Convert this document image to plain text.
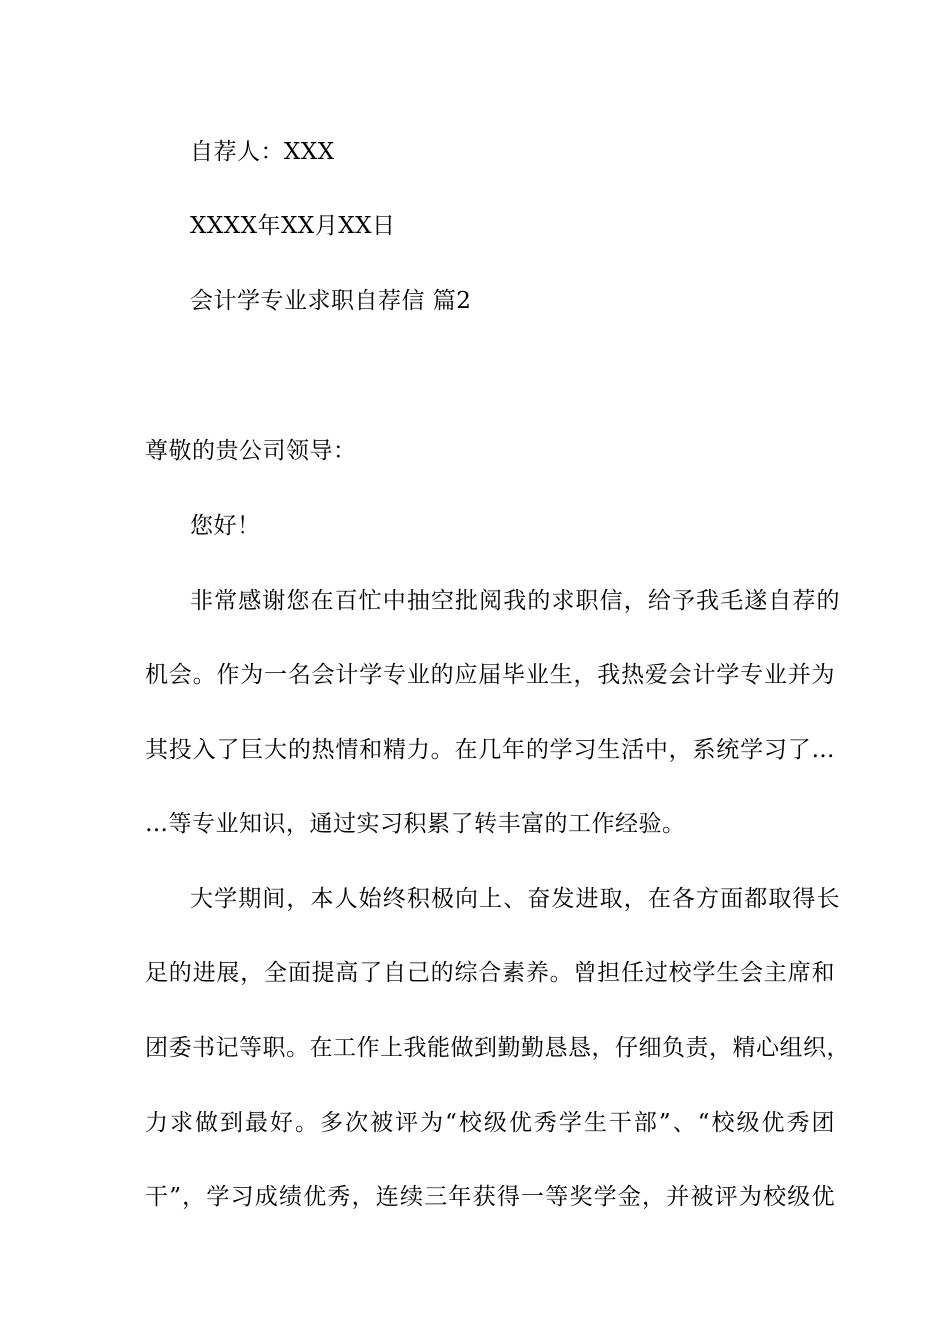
自荐人：XXX
XXXX年XX月XX日
会计学专业求职自荐信 篇2
尊敬的贵公司领导：
您好！
非常感谢您在百忙中抽空批阅我的求职信，给予我毛遂自荐的
机会。作为一名会计学专业的应届毕业生，我热爱会计学专业并为
其投入了巨大的热情和精力。在几年的学习生活中，系统学习了…
…等专业知识，通过实习积累了转丰富的工作经验。
大学期间，本人始终积极向上、奋发进取，在各方面都取得长
足的进展，全面提高了自己的综合素养。曾担任过校学生会主席和
团委书记等职。在工作上我能做到勤勤恳恳，仔细负责，精心组织，
力求做到最好。多次被评为“校级优秀学生干部”、“校级优秀团
干”，学习成绩优秀，连续三年获得一等奖学金，并被评为校级优
